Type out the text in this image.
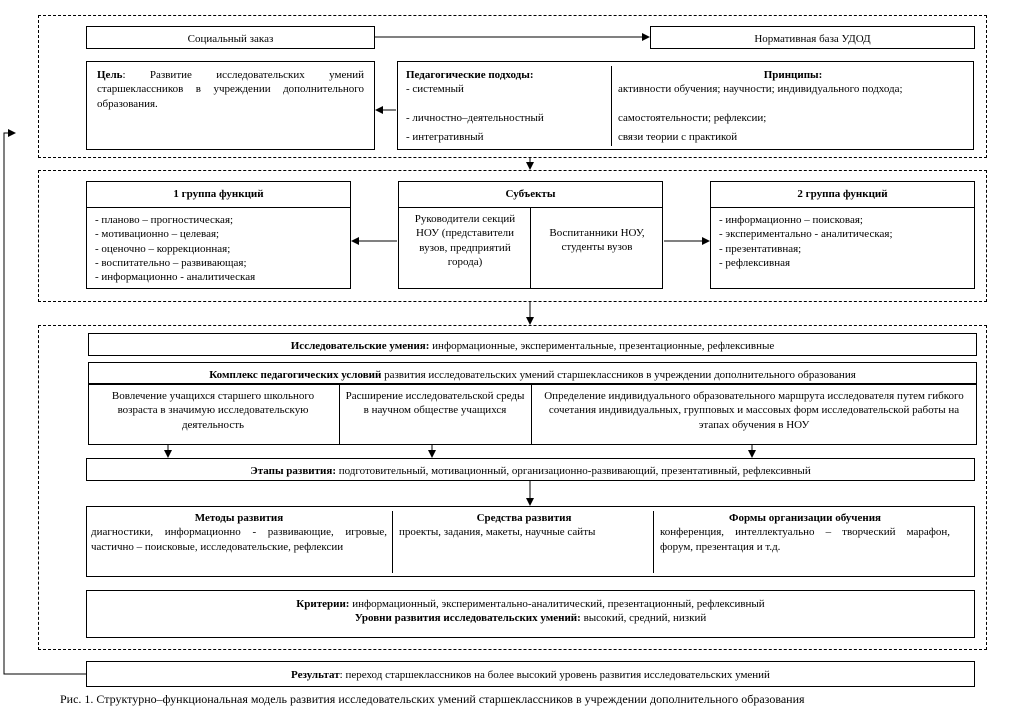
Социальный заказ	Нормативная база УДОД
Цель: Развитие исследовательских умений старшеклассников в учреждении дополнительного образования.
Педагогические подходы:
- системный
- личностно–деятельностный
- интегративный
Принципы:
активности обучения; научности; индивидуального подхода;
самостоятельности; рефлексии;
связи теории с практикой
1 группа функций
- планово – прогностическая;
- мотивационно – целевая;
- оценочно – коррекционная;
- воспитательно – развивающая;
- информационно - аналитическая
Субъекты
Руководители секций НОУ (представители вузов, предприятий города)
Воспитанники НОУ, студенты вузов
2 группа функций
- информационно – поисковая;
- экспериментально - аналитическая;
- презентативная;
- рефлексивная
Исследовательские умения: информационные, экспериментальные, презентационные, рефлексивные
Комплекс педагогических условий развития исследовательских умений старшеклассников в учреждении дополнительного образования
Вовлечение учащихся старшего школьного возраста в значимую исследовательскую деятельность
Расширение исследовательской среды в научном обществе учащихся
Определение индивидуального образовательного маршрута исследователя путем гибкого сочетания индивидуальных, групповых и массовых форм исследовательской работы на этапах обучения в НОУ
Этапы развития: подготовительный, мотивационный, организационно-развивающий, презентативный, рефлексивный
Методы развития
диагностики, информационно - развивающие, игровые, частично – поисковые, исследовательские, рефлексии
Средства развития
проекты, задания, макеты, научные сайты
Формы организации обучения
конференция, интеллектуально – творческий марафон, форум, презентация и т.д.
Критерии: информационный, экспериментально-аналитический, презентационный, рефлексивный
Уровни развития исследовательских умений: высокий, средний, низкий
Результат: переход старшеклассников на более высокий уровень развития исследовательских умений
Рис. 1. Структурно–функциональная модель развития исследовательских умений старшеклассников в учреждении дополнительного образования
